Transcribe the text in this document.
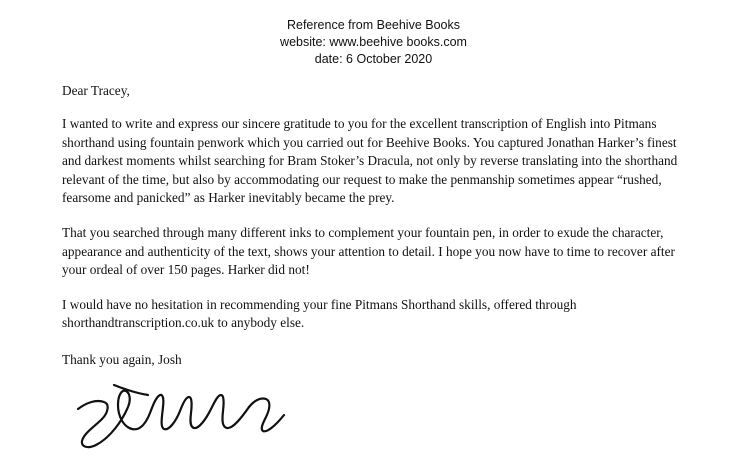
Reference from Beehive Books
website: www.beehive books.com
date: 6 October 2020
Dear Tracey,
I wanted to write and express our sincere gratitude to you for the excellent transcription of English into Pitmans shorthand using fountain penwork which you carried out for Beehive Books. You captured Jonathan Harker’s finest and darkest moments whilst searching for Bram Stoker’s Dracula, not only by reverse translating into the shorthand relevant of the time, but also by accommodating our request to make the penmanship sometimes appear “rushed, fearsome and panicked” as Harker inevitably became the prey.
That you searched through many different inks to complement your fountain pen, in order to exude the character, appearance and authenticity of the text, shows your attention to detail. I hope you now have to time to recover after your ordeal of over 150 pages. Harker did not!
I would have no hesitation in recommending your fine Pitmans Shorthand skills, offered through shorthandtranscription.co.uk to anybody else.
Thank you again, Josh
